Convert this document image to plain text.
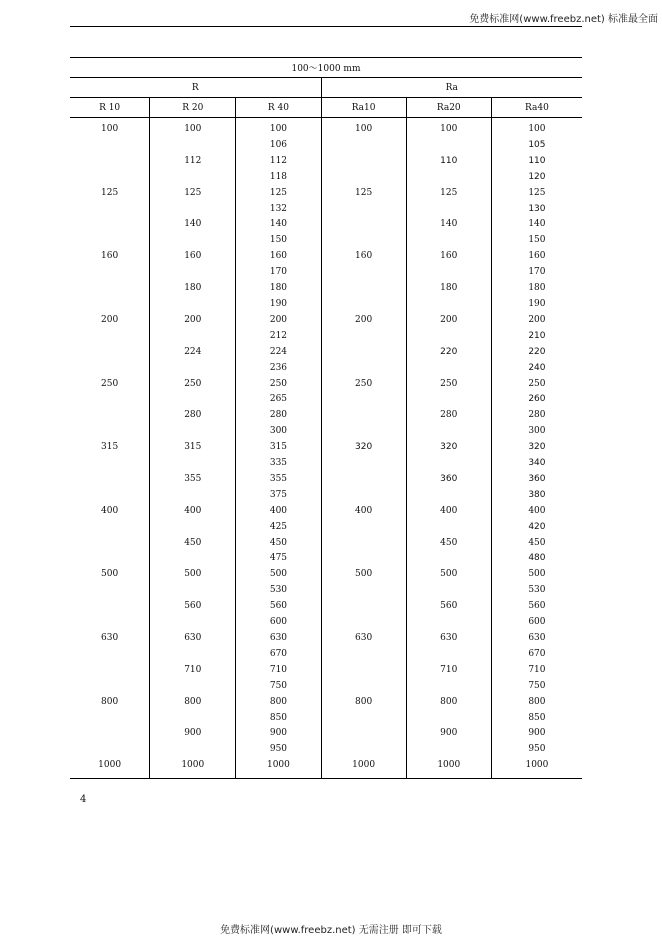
免费标准网(www.freebz.net) 标准最全面
100～1000 mm					
R			Ra		
R 10	R 20	R 40	Ra10	Ra20	Ra40
100	100	100	100	100	100
		106			105
	112	112		110	110
		118			120
125	125	125	125	125	125
		132			130
	140	140		140	140
		150			150
160	160	160	160	160	160
		170			170
	180	180		180	180
		190			190
200	200	200	200	200	200
		212			210
	224	224		220	220
		236			240
250	250	250	250	250	250
		265			260
	280	280		280	280
		300			300
315	315	315	320	320	320
		335			340
	355	355		360	360
		375			380
400	400	400	400	400	400
		425			420
	450	450		450	450
		475			480
500	500	500	500	500	500
		530			530
	560	560		560	560
		600			600
630	630	630	630	630	630
		670			670
	710	710		710	710
		750			750
800	800	800	800	800	800
		850			850
	900	900		900	900
		950			950
1000	1000	1000	1000	1000	1000
4
免费标准网(www.freebz.net) 无需注册 即可下载
